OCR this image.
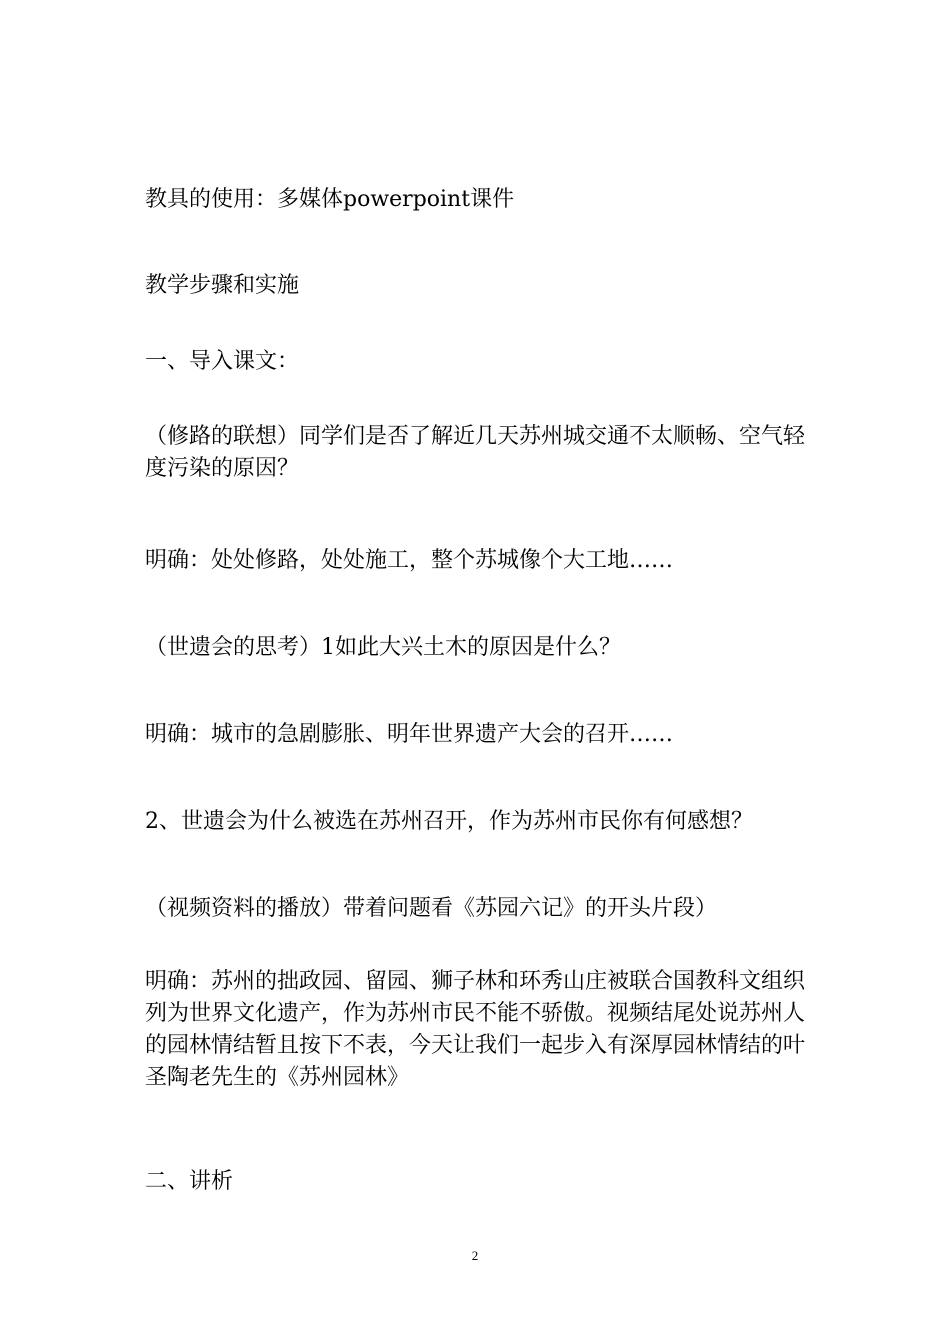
教具的使用：多媒体powerpoint课件

教学步骤和实施

一、导入课文：

（修路的联想）同学们是否了解近几天苏州城交通不太顺畅、空气轻度污染的原因？

明确：处处修路，处处施工，整个苏城像个大工地……

（世遗会的思考）1如此大兴土木的原因是什么？

明确：城市的急剧膨胀、明年世界遗产大会的召开……

2、世遗会为什么被选在苏州召开，作为苏州市民你有何感想？

（视频资料的播放）带着问题看《苏园六记》的开头片段）

明确：苏州的拙政园、留园、狮子林和环秀山庄被联合国教科文组织列为世界文化遗产，作为苏州市民不能不骄傲。视频结尾处说苏州人的园林情结暂且按下不表，今天让我们一起步入有深厚园林情结的叶圣陶老先生的《苏州园林》

二、讲析

2
